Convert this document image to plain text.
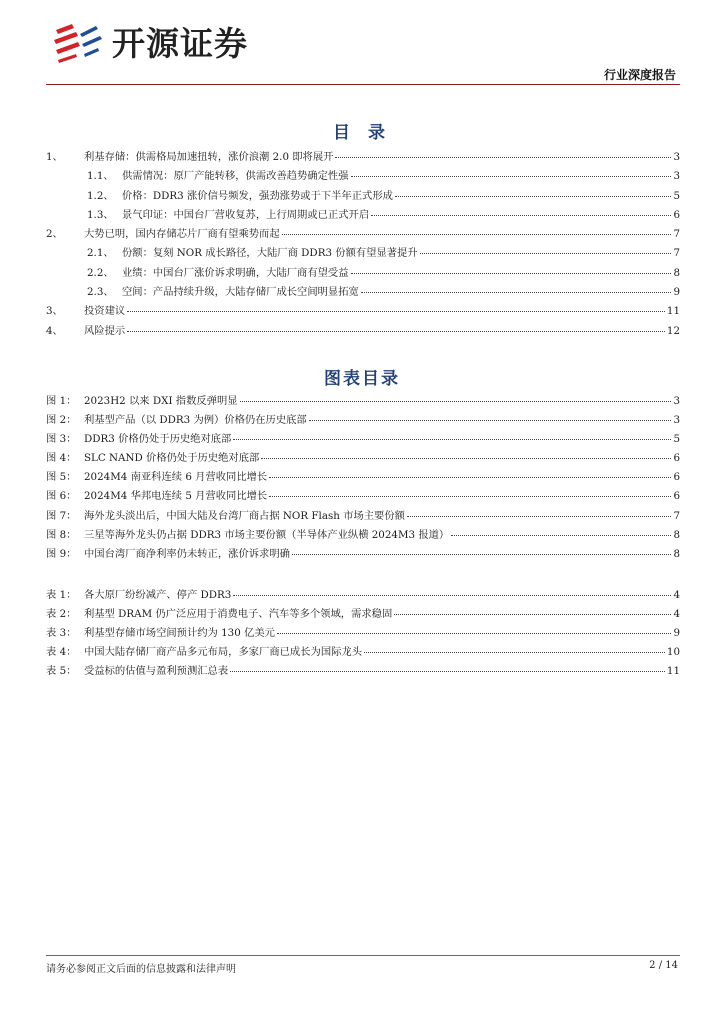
开源证券
行业深度报告
目 录
1、	利基存储：供需格局加速扭转，涨价浪潮 2.0 即将展开	3
1.1、 供需情况：原厂产能转移，供需改善趋势确定性强	3
1.2、 价格：DDR3 涨价信号频发，强劲涨势或于下半年正式形成	5
1.3、 景气印证：中国台厂营收复苏，上行周期或已正式开启	6
2、	大势已明，国内存储芯片厂商有望乘势而起	7
2.1、 份额：复刻 NOR 成长路径，大陆厂商 DDR3 份额有望显著提升	7
2.2、 业绩：中国台厂涨价诉求明确，大陆厂商有望受益	8
2.3、 空间：产品持续升级，大陆存储厂成长空间明显拓宽	9
3、	投资建议	11
4、	风险提示	12
图表目录
图 1： 2023H2 以来 DXI 指数反弹明显	3
图 2： 利基型产品（以 DDR3 为例）价格仍在历史底部	3
图 3： DDR3 价格仍处于历史绝对底部	5
图 4： SLC NAND 价格仍处于历史绝对底部	6
图 5： 2024M4 南亚科连续 6 月营收同比增长	6
图 6： 2024M4 华邦电连续 5 月营收同比增长	6
图 7： 海外龙头淡出后，中国大陆及台湾厂商占据 NOR Flash 市场主要份额	7
图 8： 三星等海外龙头仍占据 DDR3 市场主要份额（半导体产业纵横 2024M3 报道）	8
图 9： 中国台湾厂商净利率仍未转正，涨价诉求明确	8
表 1： 各大原厂纷纷减产、停产 DDR3	4
表 2： 利基型 DRAM 仍广泛应用于消费电子、汽车等多个领域，需求稳固	4
表 3： 利基型存储市场空间预计约为 130 亿美元	9
表 4： 中国大陆存储厂商产品多元布局，多家厂商已成长为国际龙头	10
表 5： 受益标的估值与盈利预测汇总表	11
请务必参阅正文后面的信息披露和法律声明	2 / 14
